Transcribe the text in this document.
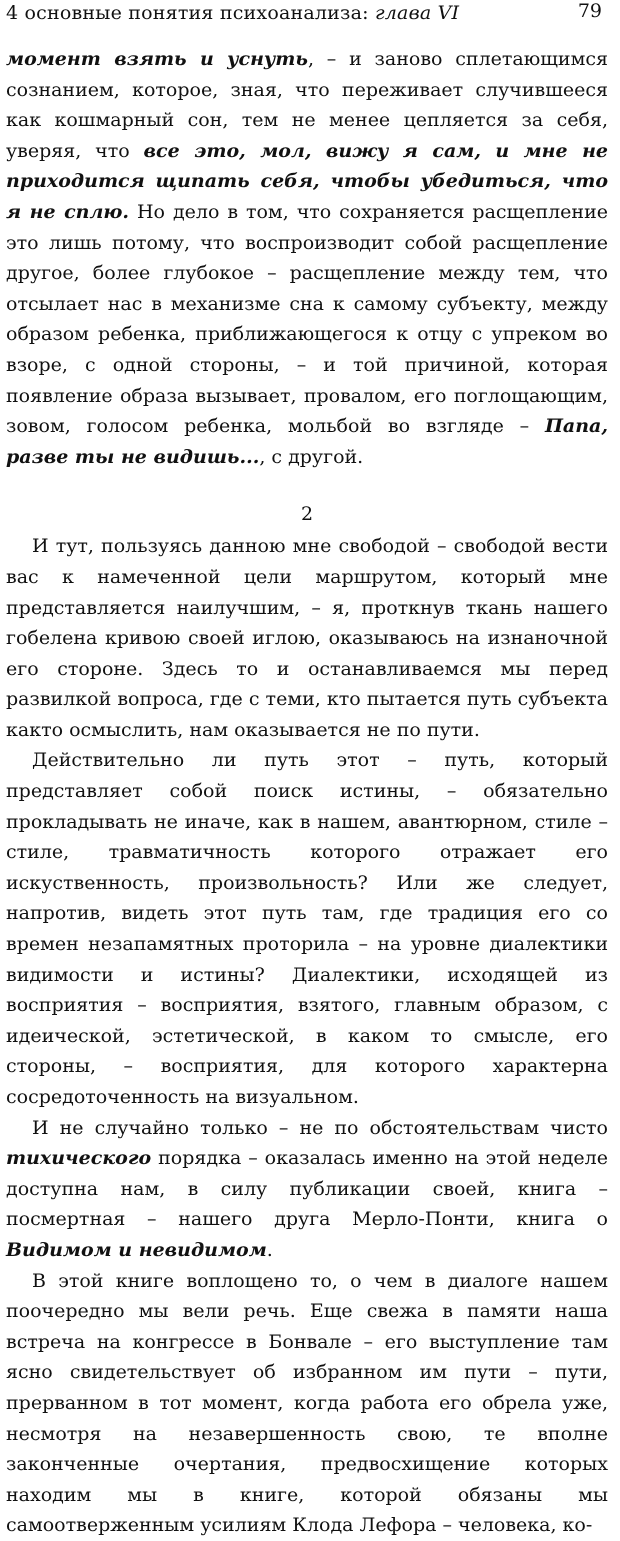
4 основные понятия психоанализа: глава VI	79

момент взять и уснуть, – и заново сплетающимся сознанием, которое, зная, что переживает случившееся как кошмарный сон, тем не менее цепляется за себя, уверяя, что все это, мол, вижу я сам, и мне не приходится щипать себя, чтобы убедиться, что я не сплю. Но дело в том, что сохраняется расщепление это лишь потому, что воспроизводит собой расщепление другое, более глубокое – расщепление между тем, что отсылает нас в механизме сна к самому субъекту, между образом ребенка, приближающегося к отцу с упреком во взоре, с одной стороны, – и той причиной, которая появление образа вызывает, провалом, его поглощающим, зовом, голосом ребенка, мольбой во взгляде – Папа, разве ты не видишь..., с другой.

2

И тут, пользуясь данною мне свободой – свободой вести вас к намеченной цели маршрутом, который мне представляется наилучшим, – я, проткнув ткань нашего гобелена кривою своей иглою, оказываюсь на изнаночной его стороне. Здесь то и останавливаемся мы перед развилкой вопроса, где с теми, кто пытается путь субъекта както осмыслить, нам оказывается не по пути.

Действительно ли путь этот – путь, который представляет собой поиск истины, – обязательно прокладывать не иначе, как в нашем, авантюрном, стиле – стиле, травматичность которого отражает его искуственность, произвольность? Или же следует, напротив, видеть этот путь там, где традиция его со времен незапамятных проторила – на уровне диалектики видимости и истины? Диалектики, исходящей из восприятия – восприятия, взятого, главным образом, с идеической, эстетической, в каком то смысле, его стороны, – восприятия, для которого характерна сосредоточенность на визуальном.

И не случайно только – не по обстоятельствам чисто тихического порядка – оказалась именно на этой неделе доступна нам, в силу публикации своей, книга – посмертная – нашего друга Мерло-Понти, книга о Видимом и невидимом.

В этой книге воплощено то, о чем в диалоге нашем поочередно мы вели речь. Еще свежа в памяти наша встреча на конгрессе в Бонвале – его выступление там ясно свидетельствует об избранном им пути – пути, прерванном в тот момент, когда работа его обрела уже, несмотря на незавершенность свою, те вполне законченные очертания, предвосхищение которых находим мы в книге, которой обязаны мы самоотверженным усилиям Клода Лефора – человека, ко-
